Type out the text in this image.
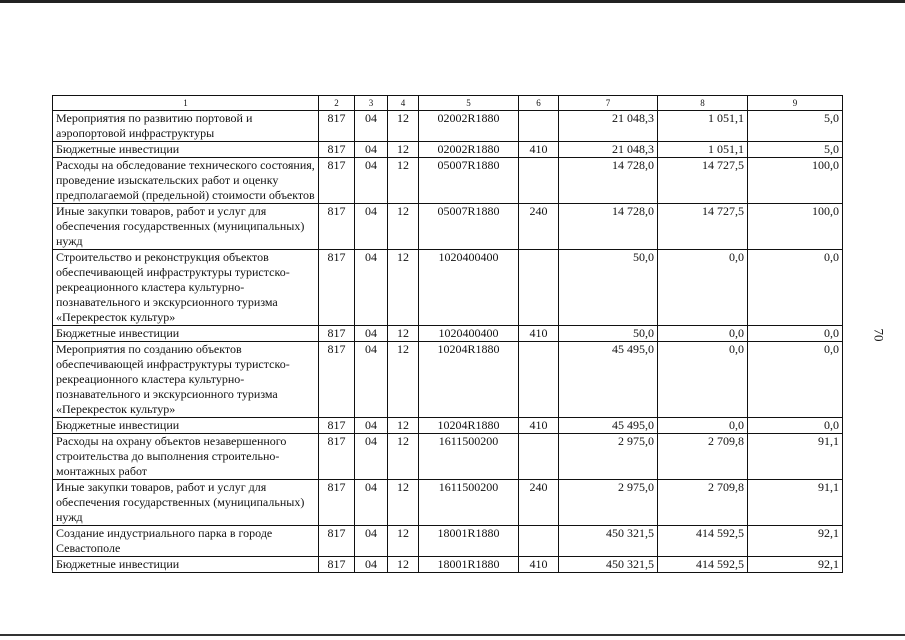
1	2	3	4	5	6	7	8	9
Мероприятия по развитию портовой и аэропортовой инфраструктуры	817	04	12	02002R1880		21 048,3	1 051,1	5,0
Бюджетные инвестиции	817	04	12	02002R1880	410	21 048,3	1 051,1	5,0
Расходы на обследование технического состояния, проведение изыскательских работ и оценку предполагаемой (предельной) стоимости объектов	817	04	12	05007R1880		14 728,0	14 727,5	100,0
Иные закупки товаров, работ и услуг для обеспечения государственных (муниципальных) нужд	817	04	12	05007R1880	240	14 728,0	14 727,5	100,0
Строительство и реконструкция объектов обеспечивающей инфраструктуры туристско-рекреационного кластера культурно-познавательного и экскурсионного туризма «Перекресток культур»	817	04	12	1020400400		50,0	0,0	0,0
Бюджетные инвестиции	817	04	12	1020400400	410	50,0	0,0	0,0
Мероприятия по созданию объектов обеспечивающей инфраструктуры туристско-рекреационного кластера культурно-познавательного и экскурсионного туризма «Перекресток культур»	817	04	12	10204R1880		45 495,0	0,0	0,0
Бюджетные инвестиции	817	04	12	10204R1880	410	45 495,0	0,0	0,0
Расходы на охрану объектов незавершенного строительства до выполнения строительно-монтажных работ	817	04	12	1611500200		2 975,0	2 709,8	91,1
Иные закупки товаров, работ и услуг для обеспечения государственных (муниципальных) нужд	817	04	12	1611500200	240	2 975,0	2 709,8	91,1
Создание индустриального парка в городе Севастополе	817	04	12	18001R1880		450 321,5	414 592,5	92,1
Бюджетные инвестиции	817	04	12	18001R1880	410	450 321,5	414 592,5	92,1
70
